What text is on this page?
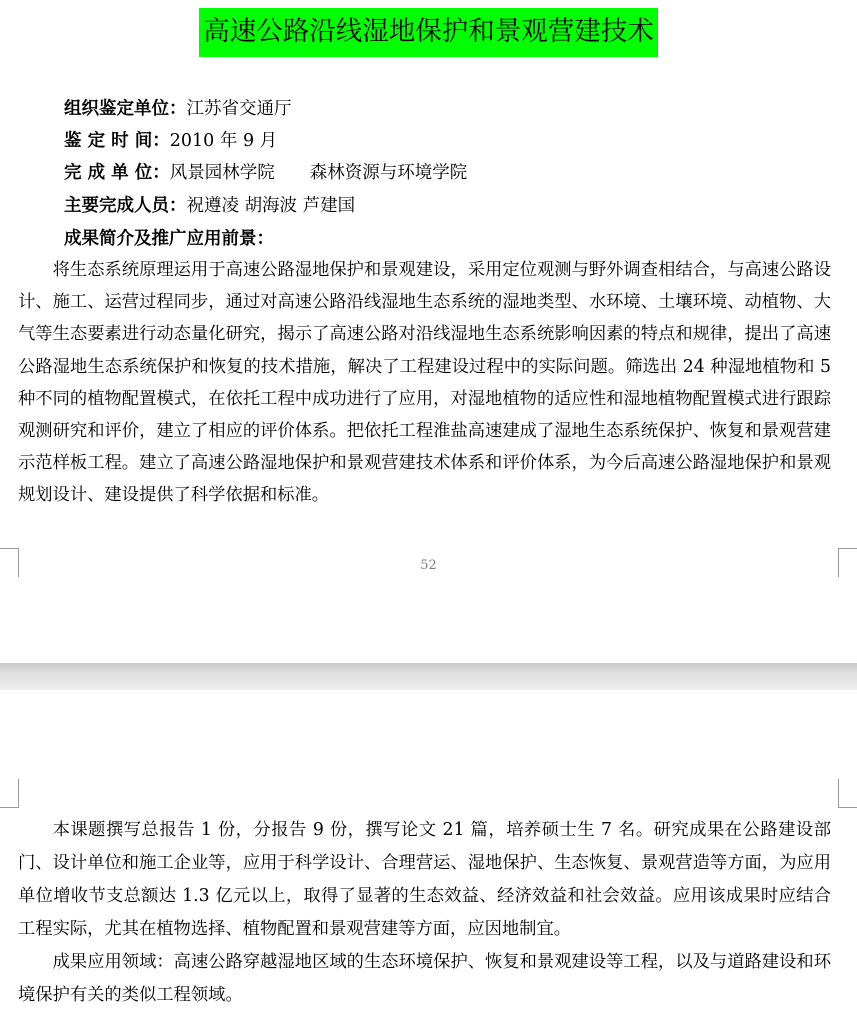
高速公路沿线湿地保护和景观营建技术
组织鉴定单位：江苏省交通厅
鉴 定 时 间：2010 年 9 月
完 成 单 位：风景园林学院　　森林资源与环境学院
主要完成人员：祝遵凌 胡海波 芦建国
成果简介及推广应用前景：

将生态系统原理运用于高速公路湿地保护和景观建设，采用定位观测与野外调查相结合，与高速公路设计、施工、运营过程同步，通过对高速公路沿线湿地生态系统的湿地类型、水环境、土壤环境、动植物、大气等生态要素进行动态量化研究，揭示了高速公路对沿线湿地生态系统影响因素的特点和规律，提出了高速公路湿地生态系统保护和恢复的技术措施，解决了工程建设过程中的实际问题。筛选出 24 种湿地植物和 5 种不同的植物配置模式，在依托工程中成功进行了应用，对湿地植物的适应性和湿地植物配置模式进行跟踪观测研究和评价，建立了相应的评价体系。把依托工程淮盐高速建成了湿地生态系统保护、恢复和景观营建示范样板工程。建立了高速公路湿地保护和景观营建技术体系和评价体系，为今后高速公路湿地保护和景观规划设计、建设提供了科学依据和标准。

52

本课题撰写总报告 1 份，分报告 9 份，撰写论文 21 篇，培养硕士生 7 名。研究成果在公路建设部门、设计单位和施工企业等，应用于科学设计、合理营运、湿地保护、生态恢复、景观营造等方面，为应用单位增收节支总额达 1.3 亿元以上，取得了显著的生态效益、经济效益和社会效益。应用该成果时应结合工程实际，尤其在植物选择、植物配置和景观营建等方面，应因地制宜。

成果应用领域：高速公路穿越湿地区域的生态环境保护、恢复和景观建设等工程，以及与道路建设和环境保护有关的类似工程领域。
